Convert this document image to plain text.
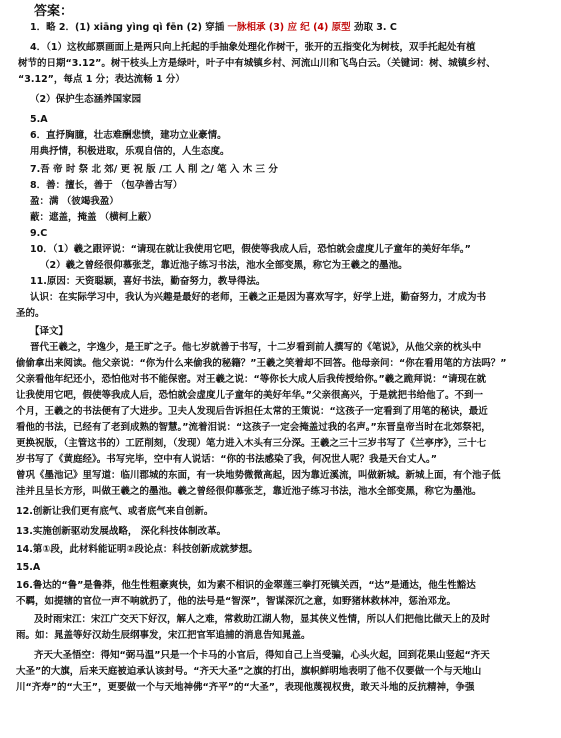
答案：
1．略 2．(1) xiāng yìng qì fēn (2) 穿插 一脉相承 (3) 应 纪 (4) 原型 劲取 3. C
4．（1）这枚邮票画面上是两只向上托起的手抽象处理化作树干，张开的五指变化为树枝，双手托起处有植
树节的日期“3.12”。树干枝头上方是绿叶，叶子中有城镇乡村、河流山川和飞鸟白云。（关键词：树、城镇乡村、
“3.12”，每点 1 分；表达流畅 1 分）
（2）保护生态涵养国家园
5.A
6．直抒胸臆，壮志难酬悲愤，建功立业豪情。
用典抒情，积极进取，乐观自信的，人生态度。
7.吾 帝 时 祭 北 郊/ 更 祝 版 /工 人 削 之/ 笔 入 木 三 分
8．善：擅长，善于 （包孕善古写）
盈：满 （彼竭我盈）
蔽：遮盖，掩盖 （横柯上蔽）
9.C
10．（1）羲之跟评说：“请现在就让我使用它吧，假使等我成人后，恐怕就会虚度儿子童年的美好年华。”
（2）羲之曾经很仰慕张芝，靠近池子练习书法，池水全部变黑，称它为王羲之的墨池。
11.原因：天资聪颖，喜好书法，勤奋努力，教导得法。
认识：在实际学习中，我认为兴趣是最好的老师，王羲之正是因为喜欢写字，好学上进，勤奋努力，才成为书
圣的。
【译文】
晋代王羲之，字逸少，是王旷之子。他七岁就善于书写，十二岁看到前人撰写的《笔说》，从他父亲的枕头中
偷偷拿出来阅读。他父亲说：“你为什么来偷我的秘籍？”王羲之笑着却不回答。他母亲问：“你在看用笔的方法吗？”
父亲看他年纪还小，恐怕他对书不能保密。对王羲之说：“等你长大成人后我传授给你。”羲之跪拜说：“请现在就
让我使用它吧，假使等我成人后，恐怕就会虚度儿子童年的美好年华。”父亲很高兴，于是就把书给他了。不到一
个月，王羲之的书法便有了大进步。卫夫人发现后告诉担任太常的王策说：“这孩子一定看到了用笔的秘诀，最近
看他的书法，已经有了老到成熟的智慧。”流着泪说：“这孩子一定会掩盖过我的名声。”东晋皇帝当时在北郊祭祀，
更换祝版，（主管这书的）工匠削刻，（发现）笔力进入木头有三分深。王羲之三十三岁书写了《兰亭序》，三十七
岁书写了《黄庭经》。书写完毕，空中有人说话：“你的书法感染了我，何况世人呢？我是天台丈人。”
曾巩《墨池记》里写道：临川郡城的东面，有一块地势微微高起，因为靠近溪流，叫做新城。新城上面，有个池子低
洼并且呈长方形，叫做王羲之的墨池。羲之曾经很仰慕张芝，靠近池子练习书法，池水全部变黑，称它为墨池。
12.创新让我们更有底气、或者底气来自创新。
13.实施创新驱动发展战略， 深化科技体制改革。
14.第①段，此材料能证明②段论点：科技创新成就梦想。
15.A
16.鲁达的“鲁”是鲁莽，他生性粗豪爽快，如为素不相识的金翠莲三拳打死镇关西，“达”是通达，他生性豁达
不羁，如提辖的官位一声不响就扔了，他的法号是“智深”，智谋深沉之意，如野猪林救林冲，惩治邓龙。
及时雨宋江：宋江广交天下好汉，解人之难，常救助江湖人物，显其侠义性情，所以人们把他比做天上的及时
雨。如：晁盖等好汉劫生辰纲事发，宋江把官军追捕的消息告知晁盖。
齐天大圣悟空：得知“弼马温”只是一个卡马的小官后，得知自己上当受骗，心头火起，回到花果山竖起“齐天
大圣”的大旗，后来天庭被迫承认该封号。“齐天大圣”之旗的打出，旗帜鲜明地表明了他不仅要做一个与天地山
川“齐寿”的“大王”，更要做一个与天地神佛“齐平”的“大圣”，表现他蔑视权贵，敢天斗地的反抗精神，争强
